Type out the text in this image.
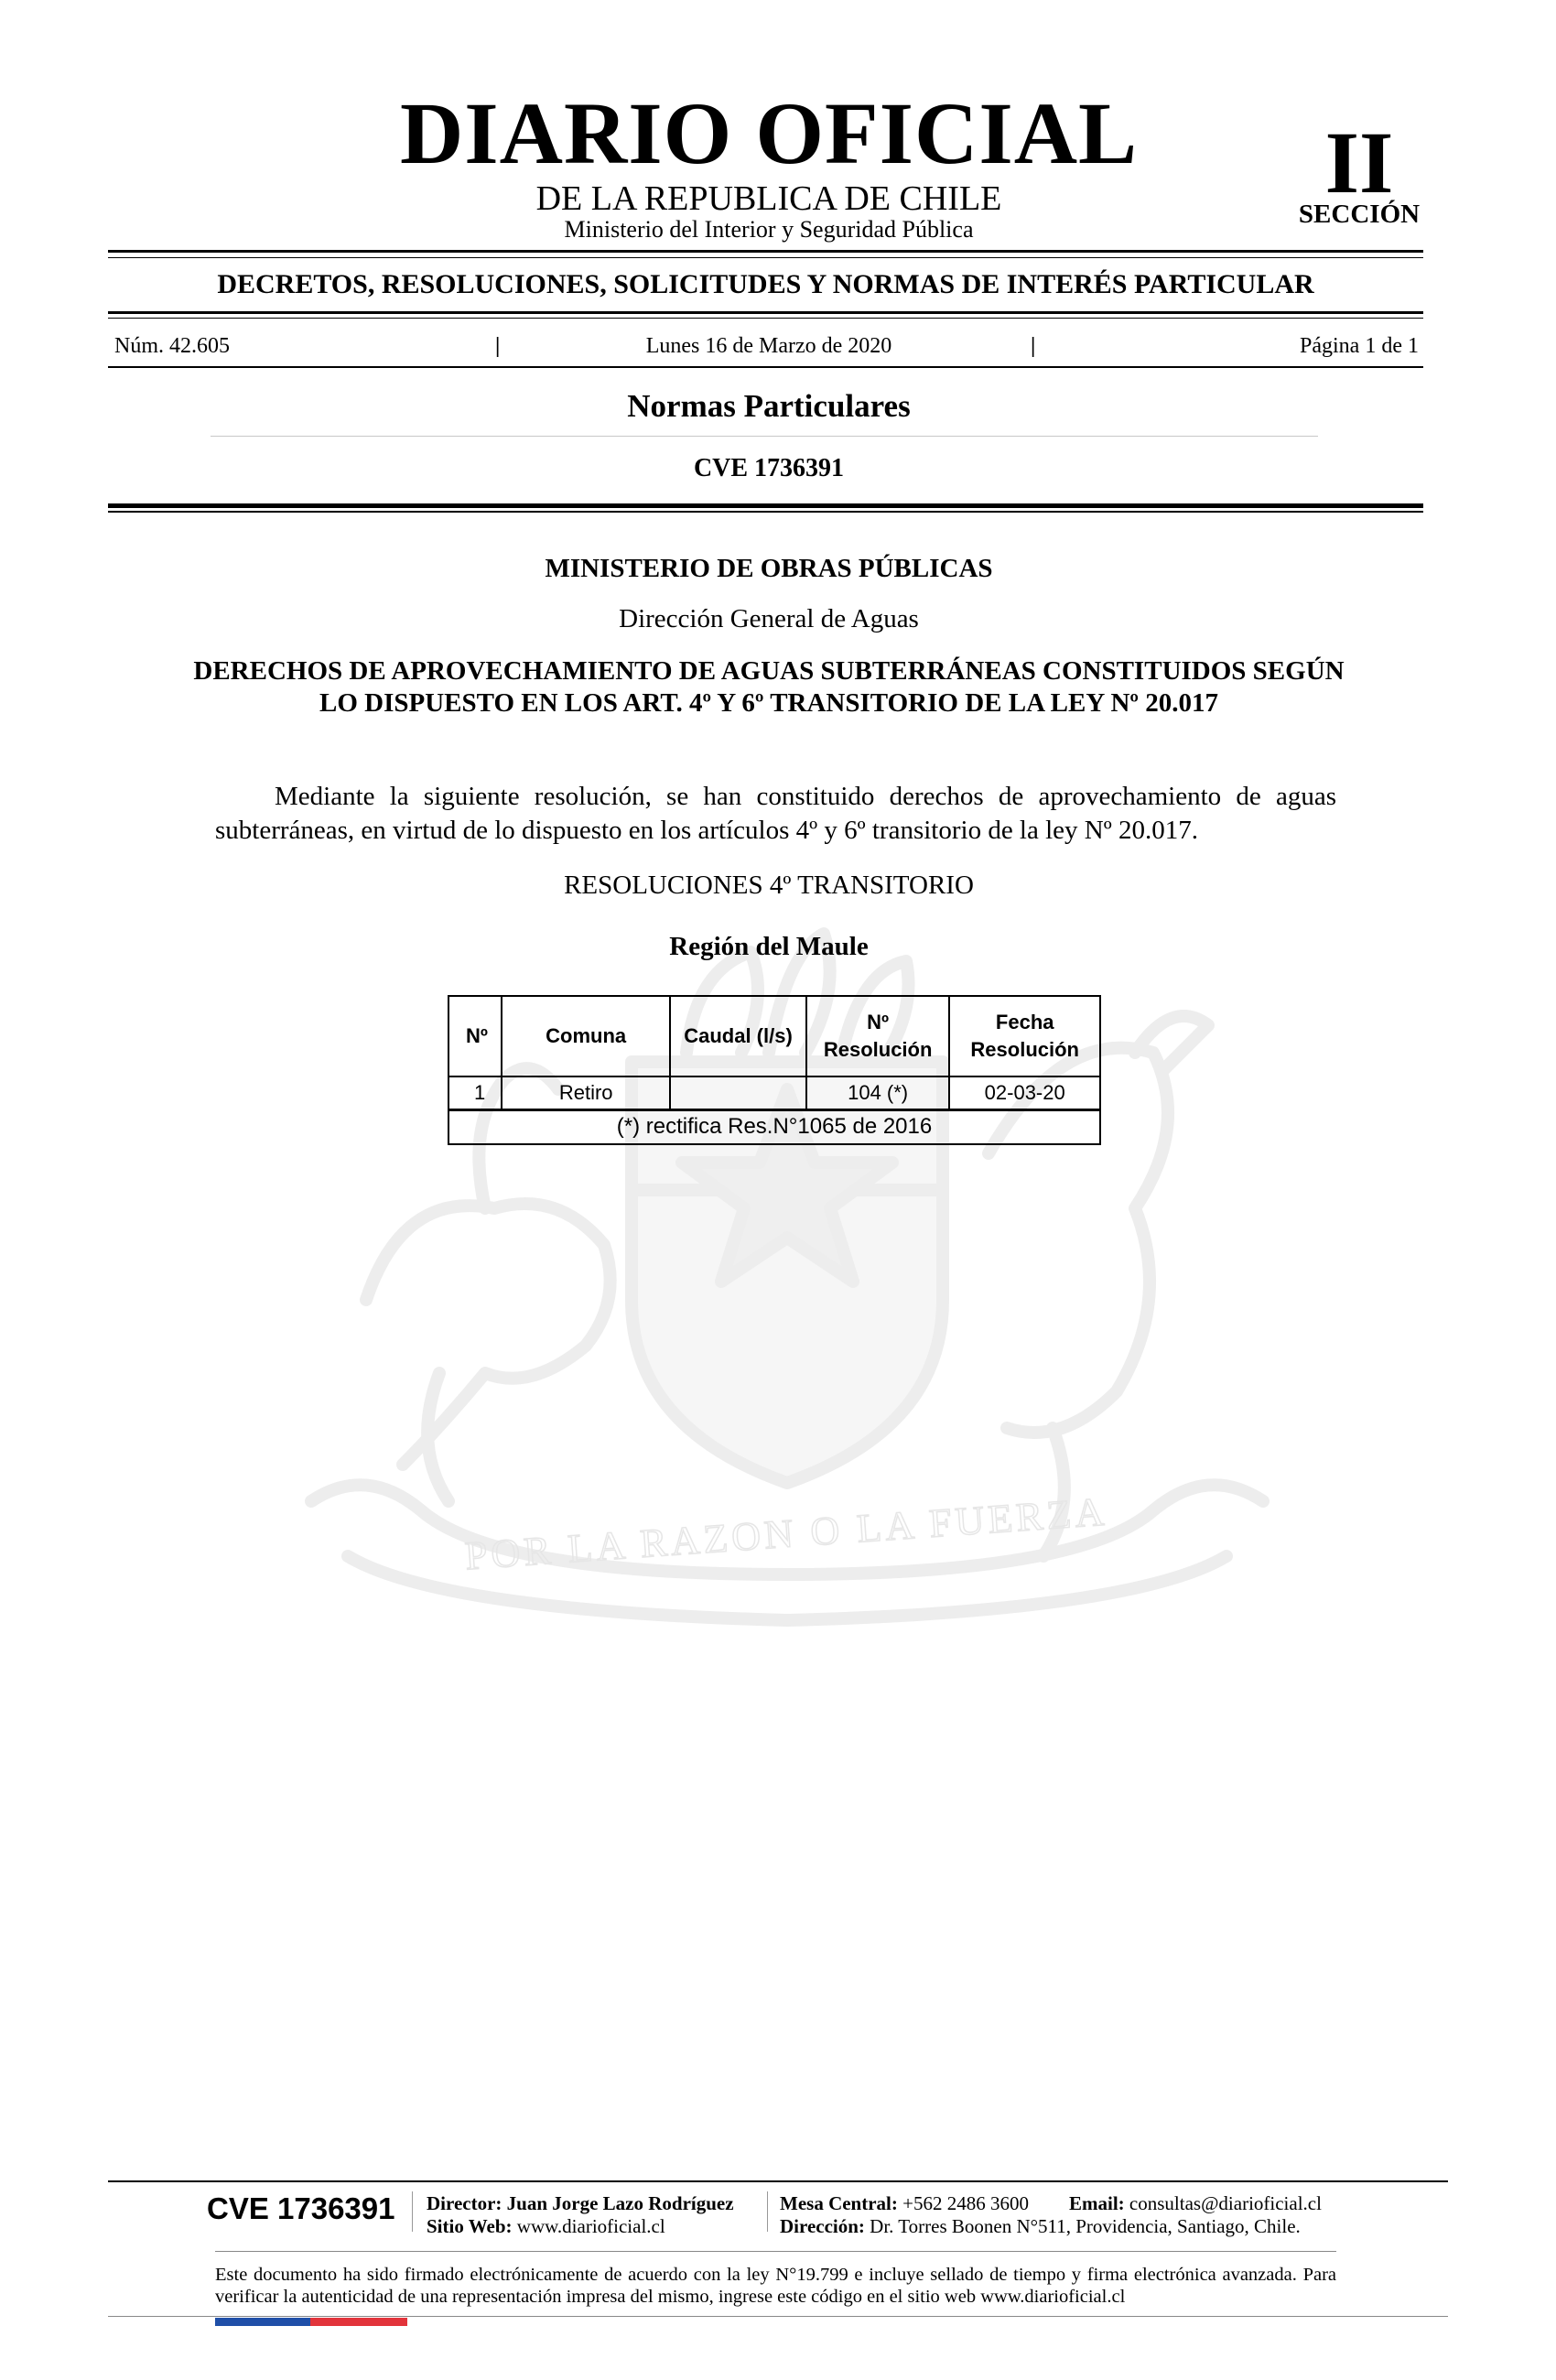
POR LA RAZON O LA FUERZA
DIARIO OFICIAL
DE LA REPUBLICA DE CHILE
Ministerio del Interior y Seguridad Pública
II
SECCIÓN
DECRETOS, RESOLUCIONES, SOLICITUDES Y NORMAS DE INTERÉS PARTICULAR
Núm. 42.605	|	Lunes 16 de Marzo de 2020	|	Página 1 de 1
Normas Particulares
CVE 1736391
MINISTERIO DE OBRAS PÚBLICAS
Dirección General de Aguas
DERECHOS DE APROVECHAMIENTO DE AGUAS SUBTERRÁNEAS CONSTITUIDOS SEGÚN LO DISPUESTO EN LOS ART. 4º Y 6º TRANSITORIO DE LA LEY Nº 20.017
Mediante la siguiente resolución, se han constituido derechos de aprovechamiento de aguas subterráneas, en virtud de lo dispuesto en los artículos 4º y 6º transitorio de la ley Nº 20.017.
RESOLUCIONES 4º TRANSITORIO
Región del Maule
Nº	Comuna	Caudal (l/s)	Nº Resolución	Fecha Resolución
1	Retiro		104 (*)	02-03-20
(*) rectifica Res.N°1065 de 2016				
CVE 1736391 Director: Juan Jorge Lazo Rodríguez
Sitio Web: www.diarioficial.cl
Mesa Central: +562 2486 3600 Email: consultas@diarioficial.cl
Dirección: Dr. Torres Boonen N°511, Providencia, Santiago, Chile.
Este documento ha sido firmado electrónicamente de acuerdo con la ley N°19.799 e incluye sellado de tiempo y firma electrónica avanzada. Para verificar la autenticidad de una representación impresa del mismo, ingrese este código en el sitio web www.diarioficial.cl
